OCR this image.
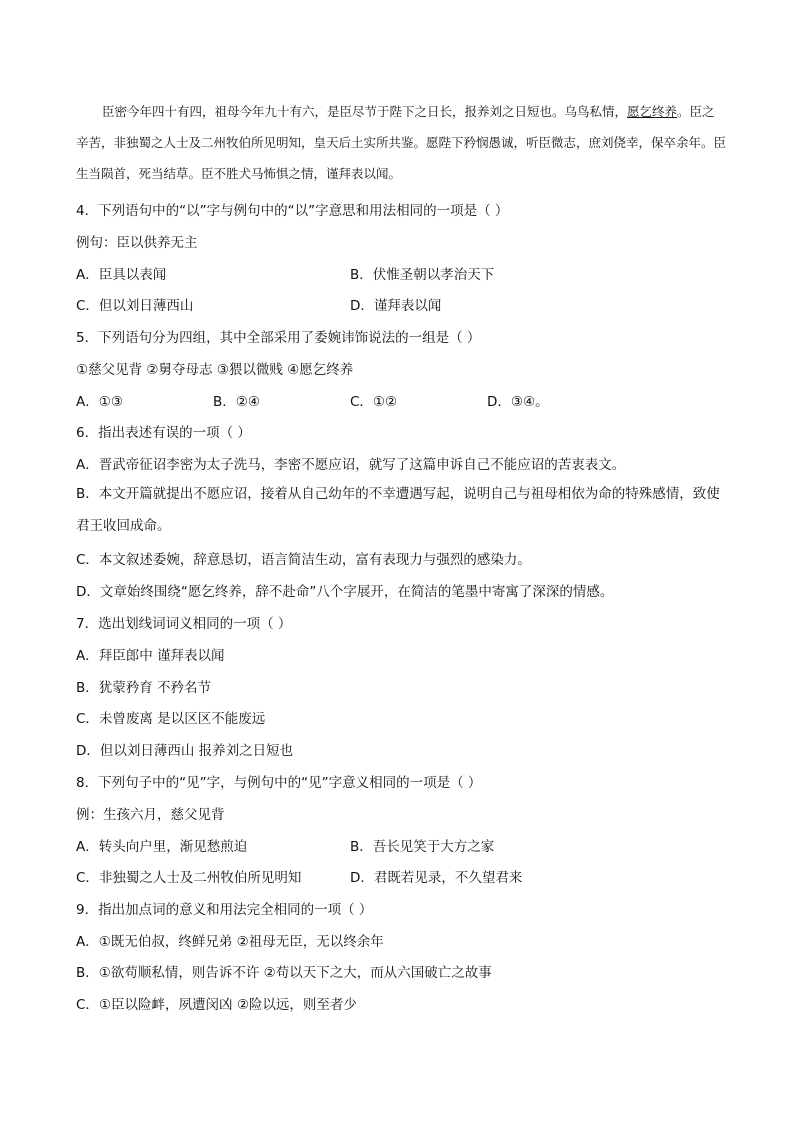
臣密今年四十有四，祖母今年九十有六，是臣尽节于陛下之日长，报养刘之日短也。乌鸟私情，愿乞终养。臣之辛苦，非独蜀之人士及二州牧伯所见明知，皇天后土实所共鉴。愿陛下矜悯愚诚，听臣微志，庶刘侥幸，保卒余年。臣生当陨首，死当结草。臣不胜犬马怖惧之情，谨拜表以闻。

4．下列语句中的“以”字与例句中的“以”字意思和用法相同的一项是（ ）
例句：臣以供养无主
A．臣具以表闻	B．伏惟圣朝以孝治天下
C．但以刘日薄西山	D．谨拜表以闻
5．下列语句分为四组，其中全部采用了委婉讳饰说法的一组是（ ）
①慈父见背 ②舅夺母志 ③猥以微贱 ④愿乞终养
A．①③	B．②④	C．①②	D．③④。
6．指出表述有误的一项（ ）
A．晋武帝征诏李密为太子洗马，李密不愿应诏，就写了这篇申诉自己不能应诏的苦衷表文。
B．本文开篇就提出不愿应诏，接着从自己幼年的不幸遭遇写起，说明自己与祖母相依为命的特殊感情，致使君王收回成命。
C．本文叙述委婉，辞意恳切，语言简洁生动，富有表现力与强烈的感染力。
D．文章始终围绕“愿乞终养，辞不赴命”八个字展开，在简洁的笔墨中寄寓了深深的情感。
7．选出划线词词义相同的一项（ ）
A．拜臣郎中 谨拜表以闻
B．犹蒙矜育 不矜名节
C．未曾废离 是以区区不能废远
D．但以刘日薄西山 报养刘之日短也
8．下列句子中的“见”字，与例句中的“见”字意义相同的一项是（ ）
例：生孩六月，慈父见背
A．转头向户里，渐见愁煎迫	B．吾长见笑于大方之家
C．非独蜀之人士及二州牧伯所见明知	D．君既若见录，不久望君来
9．指出加点词的意义和用法完全相同的一项（ ）
A．①既无伯叔，终鲜兄弟 ②祖母无臣，无以终余年
B．①欲苟顺私情，则告诉不许 ②苟以天下之大，而从六国破亡之故事
C．①臣以险衅，夙遭闵凶 ②险以远，则至者少
